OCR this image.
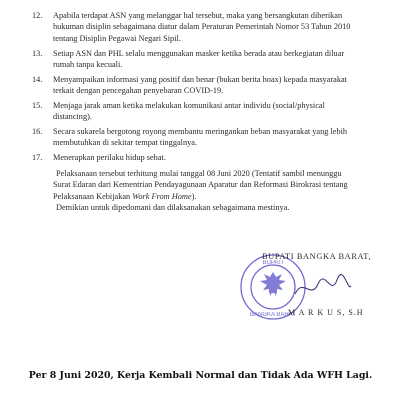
12. Apabila terdapat ASN yang melanggar hal tersebut, maka yang bersangkutan diberikan
hukuman disiplin sebagaimana diatur dalam Peraturan Pemerintah Nomor 53 Tahun 2010
tentang Disiplin Pegawai Negari Sipil.
13. Setiap ASN dan PHL selalu menggunakan masker ketika berada atau berkegiatan diluar
rumah tanpa kecuali.
14. Menyampaikan informasi yang positif dan benar (bukan berita hoax) kepada masyarakat
terkait dengan pencegahan penyebaran COVID-19.
15. Menjaga jarak aman ketika melakukan komunikasi antar individu (social/physical
distancing).
16. Secara sukarela bergotong royong membantu meringankan beban masyarakat yang lebih
membutuhkan di sekitar tempat tinggalnya.
17. Menerapkan perilaku hidup sehat.
Pelaksanaan tersebut terhitung mulai tanggal 08 Juni 2020 (Tentatif sambil menunggu
Surat Edaran dari Kementrian Pendayagunaan Aparatur dan Reformasi Birokrasi tentang
Pelaksanaan Kebijakan Work From Home).
Demikian untuk dipedomani dan dilaksanakan sebagaimana mestinya.
BUPATI
BANGKA BARAT
BUPATI BANGKA BARAT,
M A R K U S, S.H
Per 8 Juni 2020, Kerja Kembali Normal dan Tidak Ada WFH Lagi.
